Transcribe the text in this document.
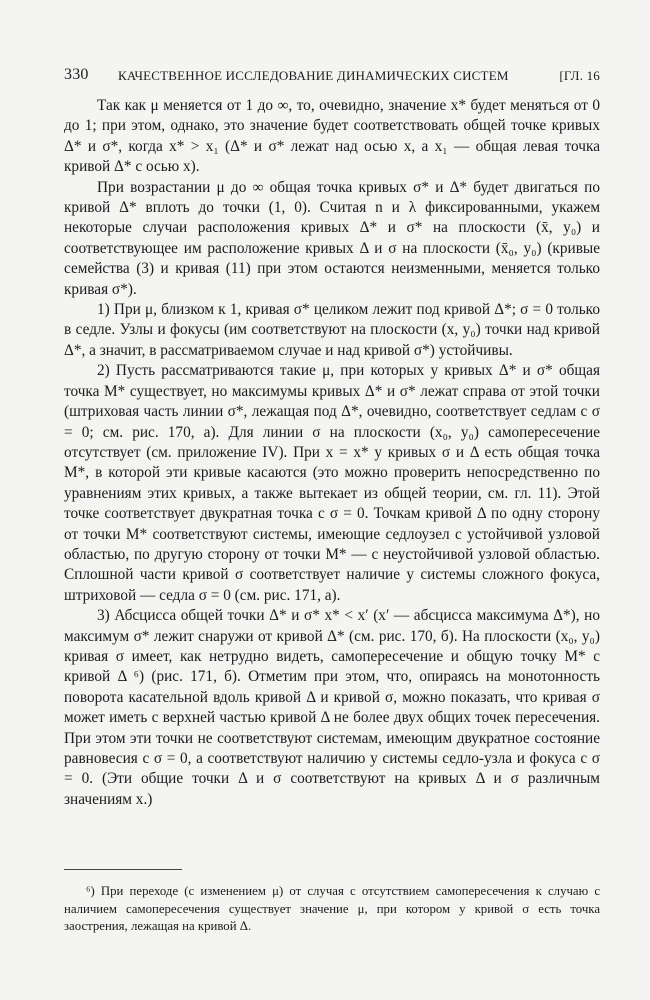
330 КАЧЕСТВЕННОЕ ИССЛЕДОВАНИЕ ДИНАМИЧЕСКИХ СИСТЕМ	[ГЛ. 16

Так как μ меняется от 1 до ∞, то, очевидно, значение x* будет меняться от 0 до 1; при этом, однако, это значение будет соответствовать общей точке кривых Δ* и σ*, когда x* > x₁ (Δ* и σ* лежат над осью x, а x₁ — общая левая точка кривой Δ* с осью x).

При возрастании μ до ∞ общая точка кривых σ* и Δ* будет двигаться по кривой Δ* вплоть до точки (1, 0). Считая n и λ фиксированными, укажем некоторые случаи расположения кривых Δ* и σ* на плоскости (x̄, y₀) и соответствующее им расположение кривых Δ и σ на плоскости (x̄₀, y₀) (кривые семейства (3) и кривая (11) при этом остаются неизменными, меняется только кривая σ*).

1) При μ, близком к 1, кривая σ* целиком лежит под кривой Δ*; σ = 0 только в седле. Узлы и фокусы (им соответствуют на плоскости (x, y₀) точки над кривой Δ*, а значит, в рассматриваемом случае и над кривой σ*) устойчивы.

2) Пусть рассматриваются такие μ, при которых у кривых Δ* и σ* общая точка M* существует, но максимумы кривых Δ* и σ* лежат справа от этой точки (штриховая часть линии σ*, лежащая под Δ*, очевидно, соответствует седлам с σ = 0; см. рис. 170, а). Для линии σ на плоскости (x₀, y₀) самопересечение отсутствует (см. приложение IV). При x = x* у кривых σ и Δ есть общая точка M*, в которой эти кривые касаются (это можно проверить непосредственно по уравнениям этих кривых, а также вытекает из общей теории, см. гл. 11). Этой точке соответствует двукратная точка с σ = 0. Точкам кривой Δ по одну сторону от точки M* соответствуют системы, имеющие седлоузел с устойчивой узловой областью, по другую сторону от точки M* — с неустойчивой узловой областью. Сплошной части кривой σ соответствует наличие у системы сложного фокуса, штриховой — седла σ = 0 (см. рис. 171, а).

3) Абсцисса общей точки Δ* и σ* x* < x′ (x′ — абсцисса максимума Δ*), но максимум σ* лежит снаружи от кривой Δ* (см. рис. 170, б). На плоскости (x₀, y₀) кривая σ имеет, как нетрудно видеть, самопересечение и общую точку M* с кривой Δ ⁶) (рис. 171, б). Отметим при этом, что, опираясь на монотонность поворота касательной вдоль кривой Δ и кривой σ, можно показать, что кривая σ может иметь с верхней частью кривой Δ не более двух общих точек пересечения. При этом эти точки не соответствуют системам, имеющим двукратное состояние равновесия с σ = 0, а соответствуют наличию у системы седло-узла и фокуса с σ = 0. (Эти общие точки Δ и σ соответствуют на кривых Δ и σ различным значениям x.)

⁶) При переходе (с изменением μ) от случая с отсутствием самопересечения к случаю с наличием самопересечения существует значение μ, при котором у кривой σ есть точка заострения, лежащая на кривой Δ.
